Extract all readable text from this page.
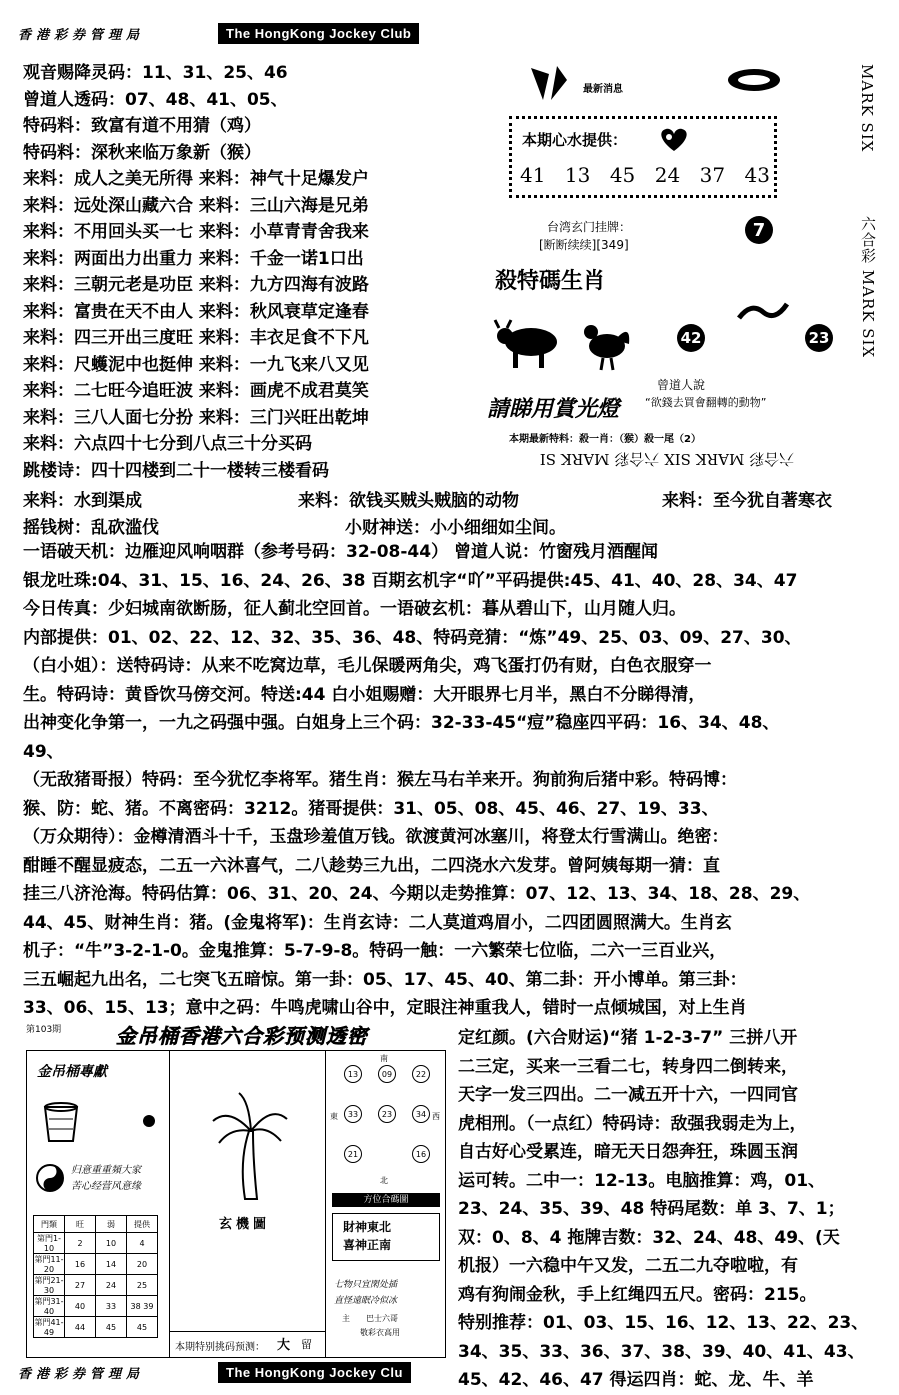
香港彩券管理局	The HongKong Jockey Club
观音赐降灵码：11、31、25、46
曾道人透码：07、48、41、05、
特码料：致富有道不用猜（鸡）
特码料：深秋来临万象新（猴）
来料：成人之美无所得 来料：神气十足爆发户
来料：远处深山藏六合 来料：三山六海是兄弟
来料：不用回头买一七 来料：小草青青舍我来
来料：两面出力出重力 来料：千金一诺1口出
来料：三朝元老是功臣 来料：九方四海有波路
来料：富贵在天不由人 来料：秋风衰草定逢春
来料：四三开出三度旺 来料：丰衣足食不下凡
来料：尺蠖泥中也挺伸 来料：一九飞来八又见
来料：二七旺今追旺波 来料：画虎不成君莫笑
来料：三八人面七分扮 来料：三门兴旺出乾坤
来料：六点四十七分到八点三十分买码
跳楼诗：四十四楼到二十一楼转三楼看码
最新消息
本期心水提供：
41 13 45 24 37 43
台湾玄门挂牌：
[断断续续][349]
7
殺特碼生肖
42	23
請睇用賞光燈
曾道人說
“欲錢去買會翻轉的動物”
本期最新特料：殺一肖：（猴）殺一尾（2）
六合彩 MARK SIX 六合彩 MARK SI
MARK SIX
六合彩 MARK SIX
来料：水到渠成	来料：欲钱买贼头贼脑的动物	来料：至今犹自著寒衣
摇钱树：乱砍滥伐	小财神送：小小细细如尘间。
一语破天机：边雁迎风响咽群（参考号码：32-08-44） 曾道人说：竹窗残月酒醒闻
银龙吐珠:04、31、15、16、24、26、38 百期玄机字“吖”平码提供:45、41、40、28、34、47
今日传真：少妇城南欲断肠，征人蓟北空回首。一语破玄机：暮从碧山下，山月随人归。
内部提供：01、02、22、12、32、35、36、48、特码竞猜：“炼”49、25、03、09、27、30、
（白小姐）：送特码诗：从来不吃窝边草，毛儿保暖两角尖，鸡飞蛋打仍有财，白色衣服穿一
生。特码诗：黄昏饮马傍交河。特送:44 白小姐赐赠：大开眼界七月半，黑白不分睇得清，
出神变化争第一，一九之码强中强。白姐身上三个码：32-33-45“痘”稳座四平码：16、34、48、
49、
（无敌猪哥报）特码：至今犹忆李将军。猪生肖：猴左马右羊来开。狗前狗后猪中彩。特码博：
猴、防：蛇、猪。不离密码：3212。猪哥提供：31、05、08、45、46、27、19、33、
（万众期待）：金樽清酒斗十千，玉盘珍羞值万钱。欲渡黄河冰塞川，将登太行雪满山。绝密：
酣睡不醒显疲态，二五一六沐喜气，二八趁势三九出，二四浇水六发芽。曾阿姨每期一猜：直
挂三八济沧海。特码估算：06、31、20、24、今期以走势推算：07、12、13、34、18、28、29、
44、45、财神生肖：猪。(金鬼将军)：生肖玄诗：二人莫道鸡眉小，二四团圆照满大。生肖玄
机子：“牛”3-2-1-0。金鬼推算：5-7-9-8。特码一触：一六繁荣七位临，二六一三百业兴，
三五崛起九出名，二七突飞五暗惊。第一卦：05、17、45、40、第二卦：开小博单。第三卦：
33、06、15、13；意中之码：牛鸣虎啸山谷中，定眼注神重我人，错时一点倾城国，对上生肖
定红颜。(六合财运)“猪 1-2-3-7” 三拼八开
二三定，买来一三看二七，转身四二倒转来，
天字一发三四出。二一减五开十六，一四同官
虎相刑。（一点红）特码诗：敌强我弱走为上，
自古好心受累连，暗无天日怨奔狂，珠圆玉润
运可转。二中一：12-13。电脑推算：鸡，01、
23、24、35、39、48 特码尾数：单 3、7、1；
双：0、8、4 拖牌吉数：32、24、48、49、(天
机报）一六稳中午又发，二五二九夺啦啦，有
鸡有狗闹金秋，手上红绳四五尺。密码：215。
特别推荐：01、03、15、16、12、13、22、23、
34、35、33、36、37、38、39、40、41、43、
45、42、46、47 得运四肖：蛇、龙、牛、羊
第103期	金吊桶香港六合彩预测透密
金吊桶專獻
归意重重頻大家
苦心经营风意缘
門類	旺	弱	提供
第門1-10	2	10	4
第門11-20	16	14	20
第門21-30	27	24	25
第門31-40	40	33	38 39
第門41-49	44	45	45
玄機圖
南
北
東	西
13	09	22
33	23	34
21	16
方位合碼圖
財神東北
喜神正南
七物只宜閑处插
直怪遠眠冷似冰
主 巴士六哥
敬彩衣高用
本期特别挑码预测： 大 留
香港彩券管理局	The HongKong Jockey Clu
